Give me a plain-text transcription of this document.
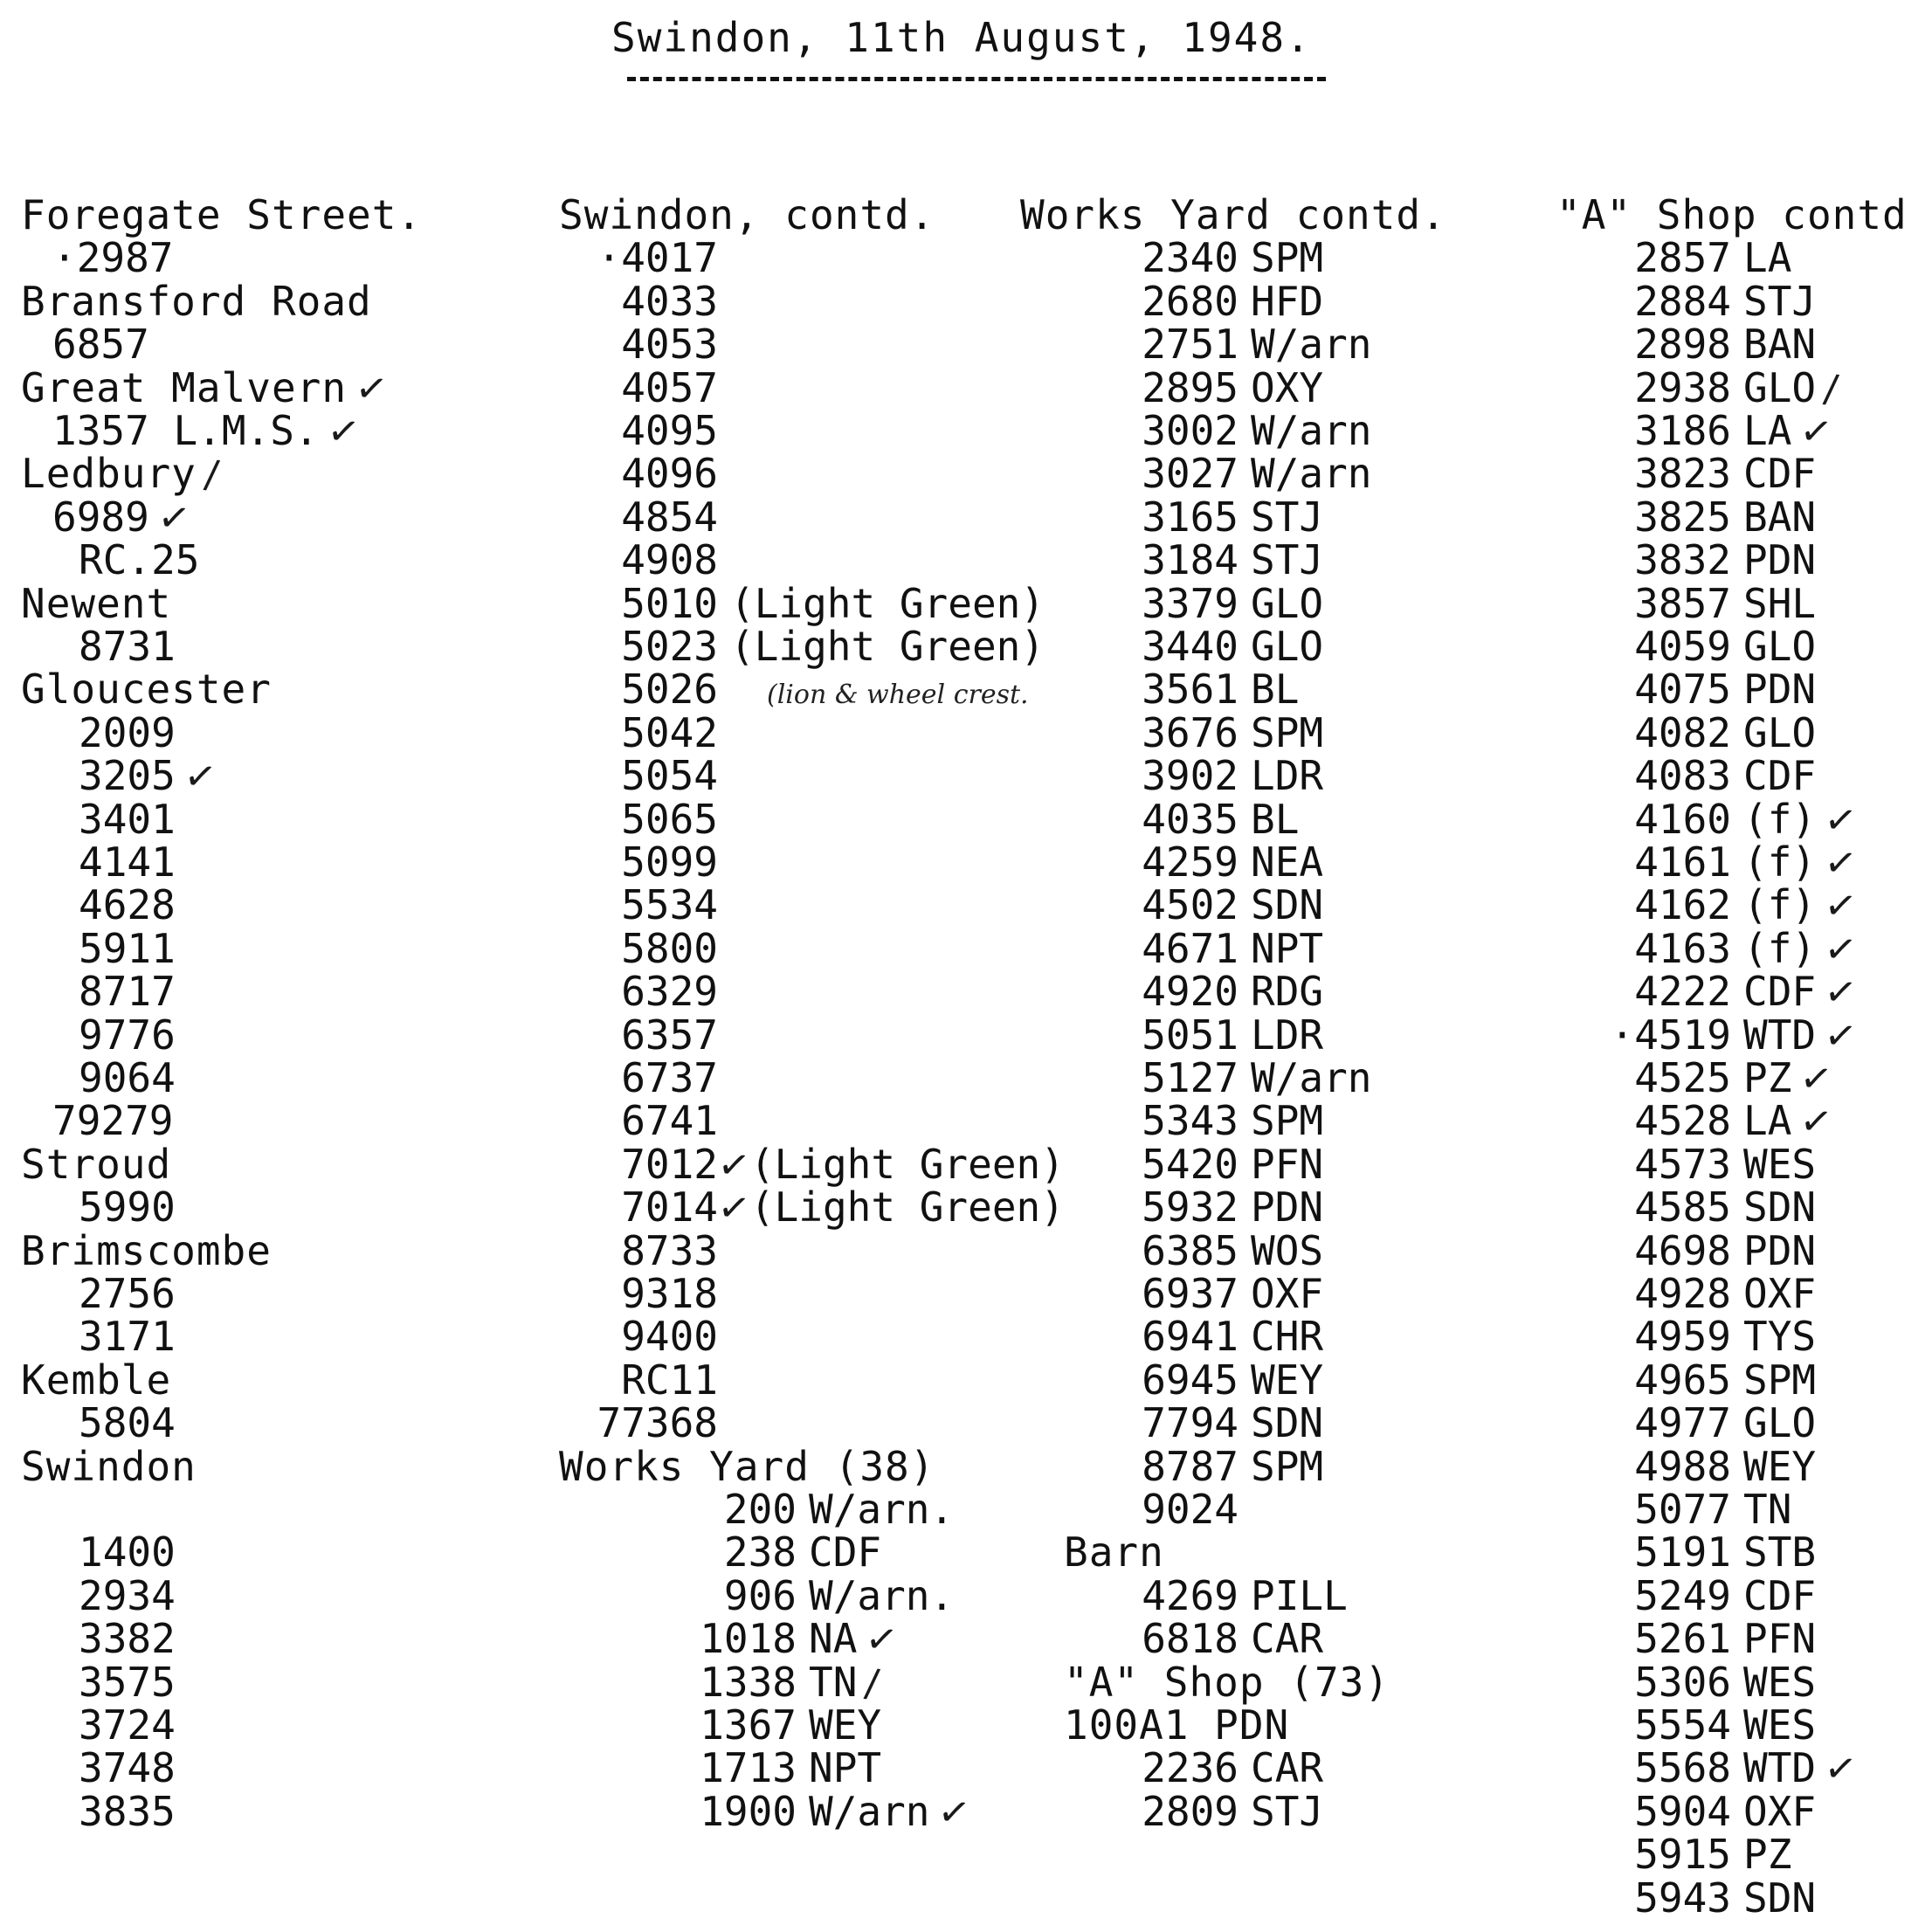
Swindon, 11th August, 1948.
Foregate Street.
·2987
Bransford Road
6857
Great Malvern ✓
1357 L.M.S. ✓
Ledbury /
6989 ✓
RC.25
Newent
8731
Gloucester
2009
3205 ✓
3401
4141
4628
5911
8717
9776
9064
79279
Stroud
5990
Brimscombe
2756
3171
Kemble
5804
Swindon
1400
2934
3382
3575
3724
3748
3835
Swindon, contd.
·4017
4033
4053
4057
4095
4096
4854
4908
5010 (Light Green)
5023 (Light Green)
5026 (lion & wheel crest.
5042
5054
5065
5099
5534
5800
6329
6357
6737
6741
7012✓(Light Green)
7014✓(Light Green)
8733
9318
9400
RC11
77368
Works Yard (38)
200 W/arn.
238 CDF
906 W/arn.
1018 NA ✓
1338 TN /
1367 WEY
1713 NPT
1900 W/arn ✓
Works Yard contd.
2340 SPM
2680 HFD
2751 W/arn
2895 OXY
3002 W/arn
3027 W/arn
3165 STJ
3184 STJ
3379 GLO
3440 GLO
3561 BL
3676 SPM
3902 LDR
4035 BL
4259 NEA
4502 SDN
4671 NPT
4920 RDG
5051 LDR
5127 W/arn
5343 SPM
5420 PFN
5932 PDN
6385 WOS
6937 OXF
6941 CHR
6945 WEY
7794 SDN
8787 SPM
9024
Barn
4269 PILL
6818 CAR
"A" Shop (73)
100A1 PDN
2236 CAR
2809 STJ
"A" Shop contd
2857 LA
2884 STJ
2898 BAN
2938 GLO /
3186 LA ✓
3823 CDF
3825 BAN
3832 PDN
3857 SHL
4059 GLO
4075 PDN
4082 GLO
4083 CDF
4160 (f) ✓
4161 (f) ✓
4162 (f) ✓
4163 (f) ✓
4222 CDF ✓
·4519 WTD ✓
4525 PZ ✓
4528 LA ✓
4573 WES
4585 SDN
4698 PDN
4928 OXF
4959 TYS
4965 SPM
4977 GLO
4988 WEY
5077 TN
5191 STB
5249 CDF
5261 PFN
5306 WES
5554 WES
5568 WTD ✓
5904 OXF
5915 PZ
5943 SDN
